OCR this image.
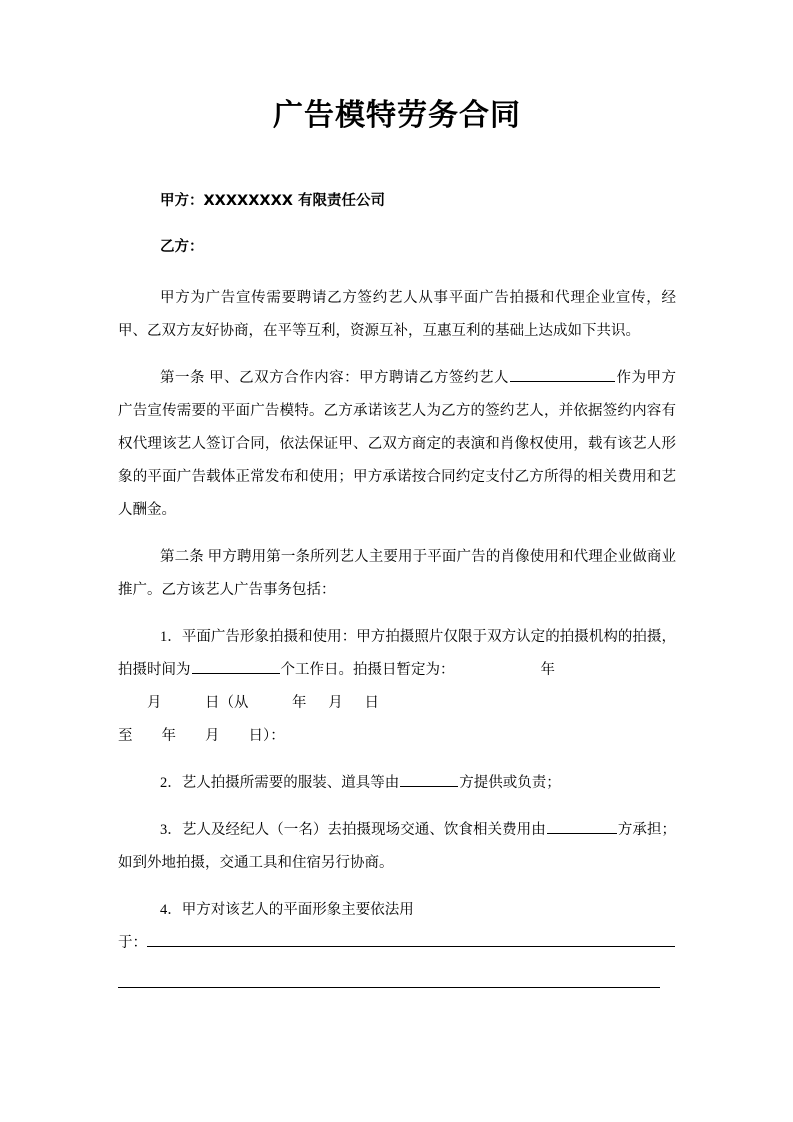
广告模特劳务合同

甲方：XXXXXXXX 有限责任公司

乙方：

甲方为广告宣传需要聘请乙方签约艺人从事平面广告拍摄和代理企业宣传，经甲、乙双方友好协商，在平等互利，资源互补，互惠互利的基础上达成如下共识。

第一条 甲、乙双方合作内容：甲方聘请乙方签约艺人	作为甲方广告宣传需要的平面广告模特。乙方承诺该艺人为乙方的签约艺人，并依据签约内容有权代理该艺人签订合同，依法保证甲、乙双方商定的表演和肖像权使用，载有该艺人形象的平面广告载体正常发布和使用；甲方承诺按合同约定支付乙方所得的相关费用和艺人酬金。

第二条 甲方聘用第一条所列艺人主要用于平面广告的肖像使用和代理企业做商业推广。乙方该艺人广告事务包括：

1．平面广告形象拍摄和使用：甲方拍摄照片仅限于双方认定的拍摄机构的拍摄，拍摄时间为	个工作日。拍摄日暂定为：	年

月            日（从            年      月      日

至        年        月        日）：

2．艺人拍摄所需要的服装、道具等由	方提供或负责；

3．艺人及经纪人（一名）去拍摄现场交通、饮食相关费用由	方承担；如到外地拍摄，交通工具和住宿另行协商。

4．甲方对该艺人的平面形象主要依法用

于：
